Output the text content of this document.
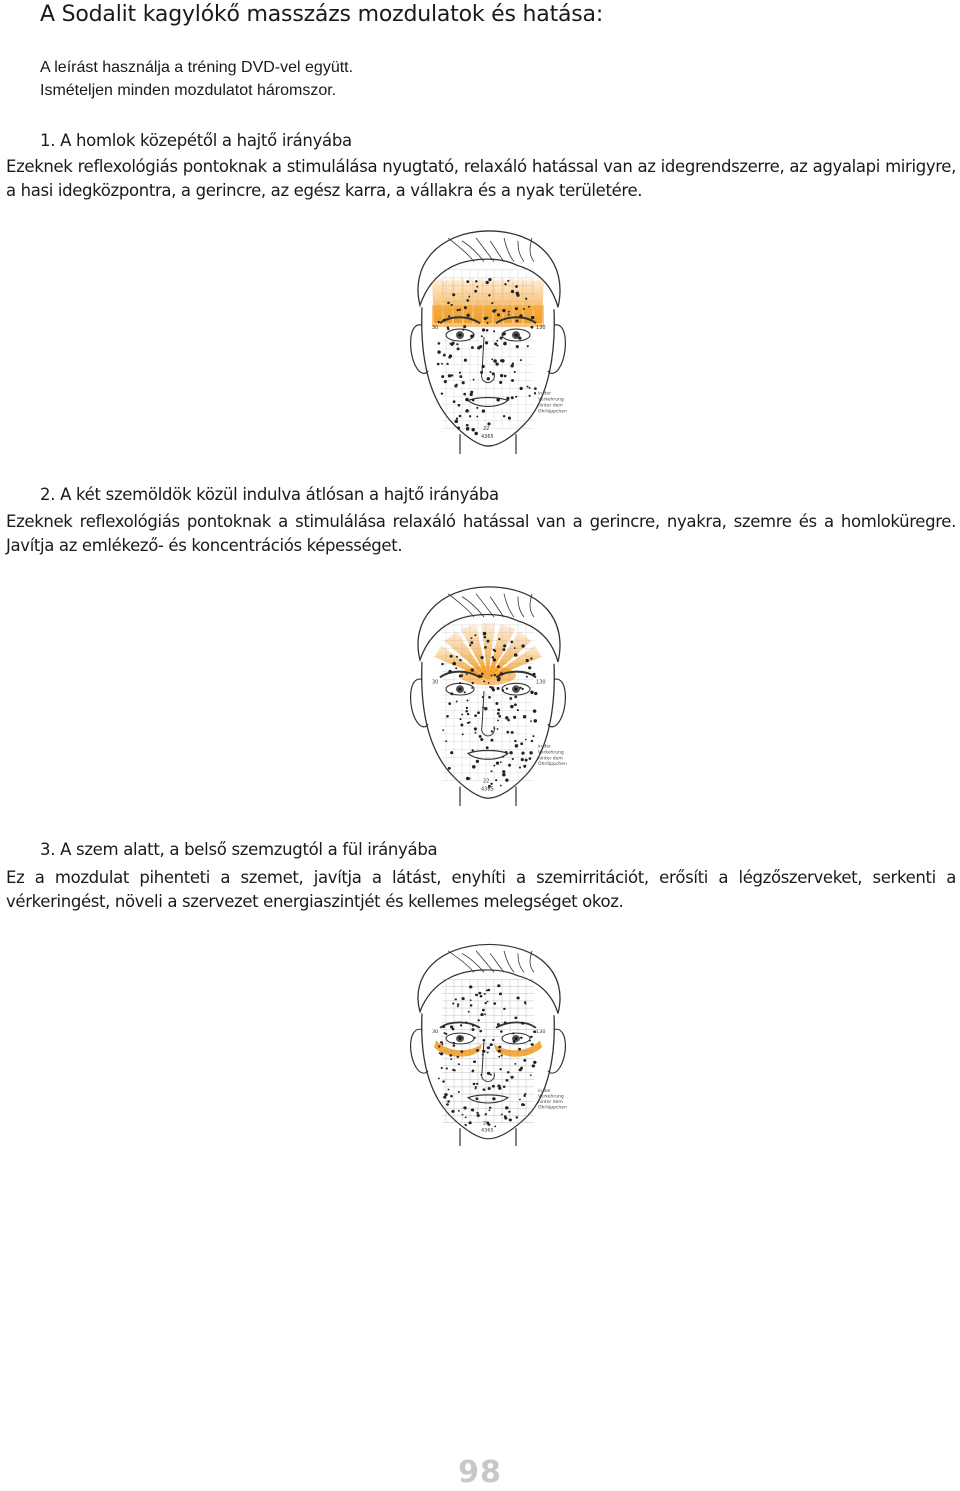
A Sodalit kagylókő masszázs mozdulatok és hatása:
A leírást használja a tréning DVD-vel együtt.
Ismételjen minden mozdulatot háromszor.
1. A homlok közepétől a hajtő irányába

Ezeknek reflexológiás pontoknak a stimulálása nyugtató, relaxáló hatással van az idegrendszerre, az agyalapi mirigyre, a hasi idegközpontra, a gerincre, az egész karra, a vállakra és a nyak területére.

30	130
4365
22
in der
Verkehrung
hinter dem
Ohrläppchen
2. A két szemöldök közül indulva átlósan a hajtő irányába

Ezeknek reflexológiás pontoknak a stimulálása relaxáló hatással van a gerincre, nyakra, szemre és a homloküregre. Javítja az emlékező- és koncentrációs képességet.

30	130
4365
22
in der
Verkehrung
hinter dem
Ohrläppchen
3. A szem alatt, a belső szemzugtól a fül irányába

Ez a mozdulat pihenteti a szemet, javítja a látást, enyhíti a szemirritációt, erősíti a légzőszerveket, serkenti a vérkeringést, növeli a szervezet energiaszintjét és kellemes melegséget okoz.

30	130
4365
22
in der
Verkehrung
hinter dem
Ohrläppchen
98
